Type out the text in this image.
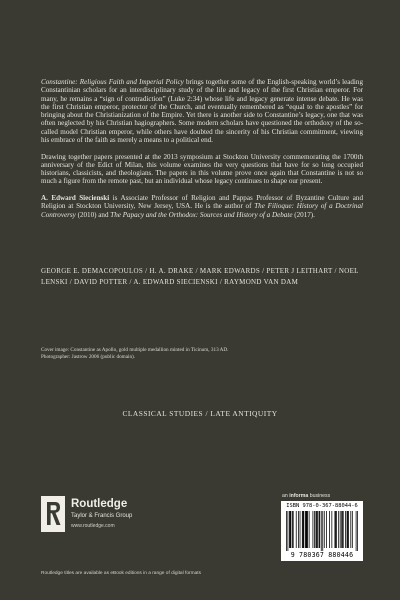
Constantine: Religious Faith and Imperial Policy brings together some of the English-speaking world’s leading Constantinian scholars for an interdisciplinary study of the life and legacy of the first Christian emperor. For many, he remains a “sign of contradiction” (Luke 2:34) whose life and legacy generate intense debate. He was the first Christian emperor, protector of the Church, and eventually remembered as “equal to the apostles” for bringing about the Christianization of the Empire. Yet there is another side to Constantine’s legacy, one that was often neglected by his Christian hagiographers. Some modern scholars have questioned the orthodoxy of the so-called model Christian emperor, while others have doubted the sincerity of his Christian commitment, viewing his embrace of the faith as merely a means to a political end.

Drawing together papers presented at the 2013 symposium at Stockton University commemorating the 1700th anniversary of the Edict of Milan, this volume examines the very questions that have for so long occupied historians, classicists, and theologians. The papers in this volume prove once again that Constantine is not so much a figure from the remote past, but an individual whose legacy continues to shape our present.

A. Edward Siecienski is Associate Professor of Religion and Pappas Professor of Byzantine Culture and Religion at Stockton University, New Jersey, USA. He is the author of The Filioque: History of a Doctrinal Controversy (2010) and The Papacy and the Orthodox: Sources and History of a Debate (2017).

GEORGE E. DEMACOPOULOS / H. A. DRAKE / MARK EDWARDS / PETER J LEITHART / NOEL LENSKI / DAVID POTTER / A. EDWARD SIECIENSKI / RAYMOND VAN DAM
Cover image: Constantine as Apollo, gold multiple medallion minted in Ticinum, 313 AD.
Photographer: Jastrow 2006 (public domain).
CLASSICAL STUDIES / LATE ANTIQUITY
an informa business
Routledge
Taylor & Francis Group
www.routledge.com
ISBN 978-0-367-88044-6
9 780367 880446
Routledge titles are available as eBook editions in a range of digital formats
